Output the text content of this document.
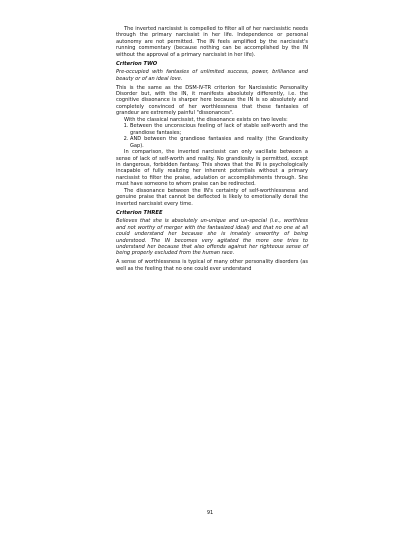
The inverted narcissist is compelled to filter all of her narcissistic needs through the primary narcissist in her life. Independence or personal autonomy are not permitted. The IN feels amplified by the narcissist's running commentary (because nothing can be accomplished by the IN without the approval of a primary narcissist in her life).

Criterion TWO

Pre-occupied with fantasies of unlimited success, power, brilliance and beauty or of an ideal love.

This is the same as the DSM-IV-TR criterion for Narcissistic Personality Disorder but, with the IN, it manifests absolutely differently, i.e. the cognitive dissonance is sharper here because the IN is so absolutely and completely convinced of her worthlessness that these fantasies of grandeur are extremely painful "dissonances".

With the classical narcissist, the dissonance exists on two levels:

1. Between the unconscious feeling of lack of stable self-worth and the grandiose fantasies;
2. AND between the grandiose fantasies and reality (the Grandiosity Gap).

In comparison, the inverted narcissist can only vacillate between a sense of lack of self-worth and reality. No grandiosity is permitted, except in dangerous, forbidden fantasy. This shows that the IN is psychologically incapable of fully realizing her inherent potentials without a primary narcissist to filter the praise, adulation or accomplishments through. She must have someone to whom praise can be redirected.

The dissonance between the IN's certainty of self-worthlessness and genuine praise that cannot be deflected is likely to emotionally derail the inverted narcissist every time.

Criterion THREE

Believes that she is absolutely un-unique and un-special (i.e., worthless and not worthy of merger with the fantasized ideal) and that no one at all could understand her because she is innately unworthy of being understood. The IN becomes very agitated the more one tries to understand her because that also offends against her righteous sense of being properly excluded from the human race.

A sense of worthlessness is typical of many other personality disorders (as well as the feeling that no one could ever understand

91
